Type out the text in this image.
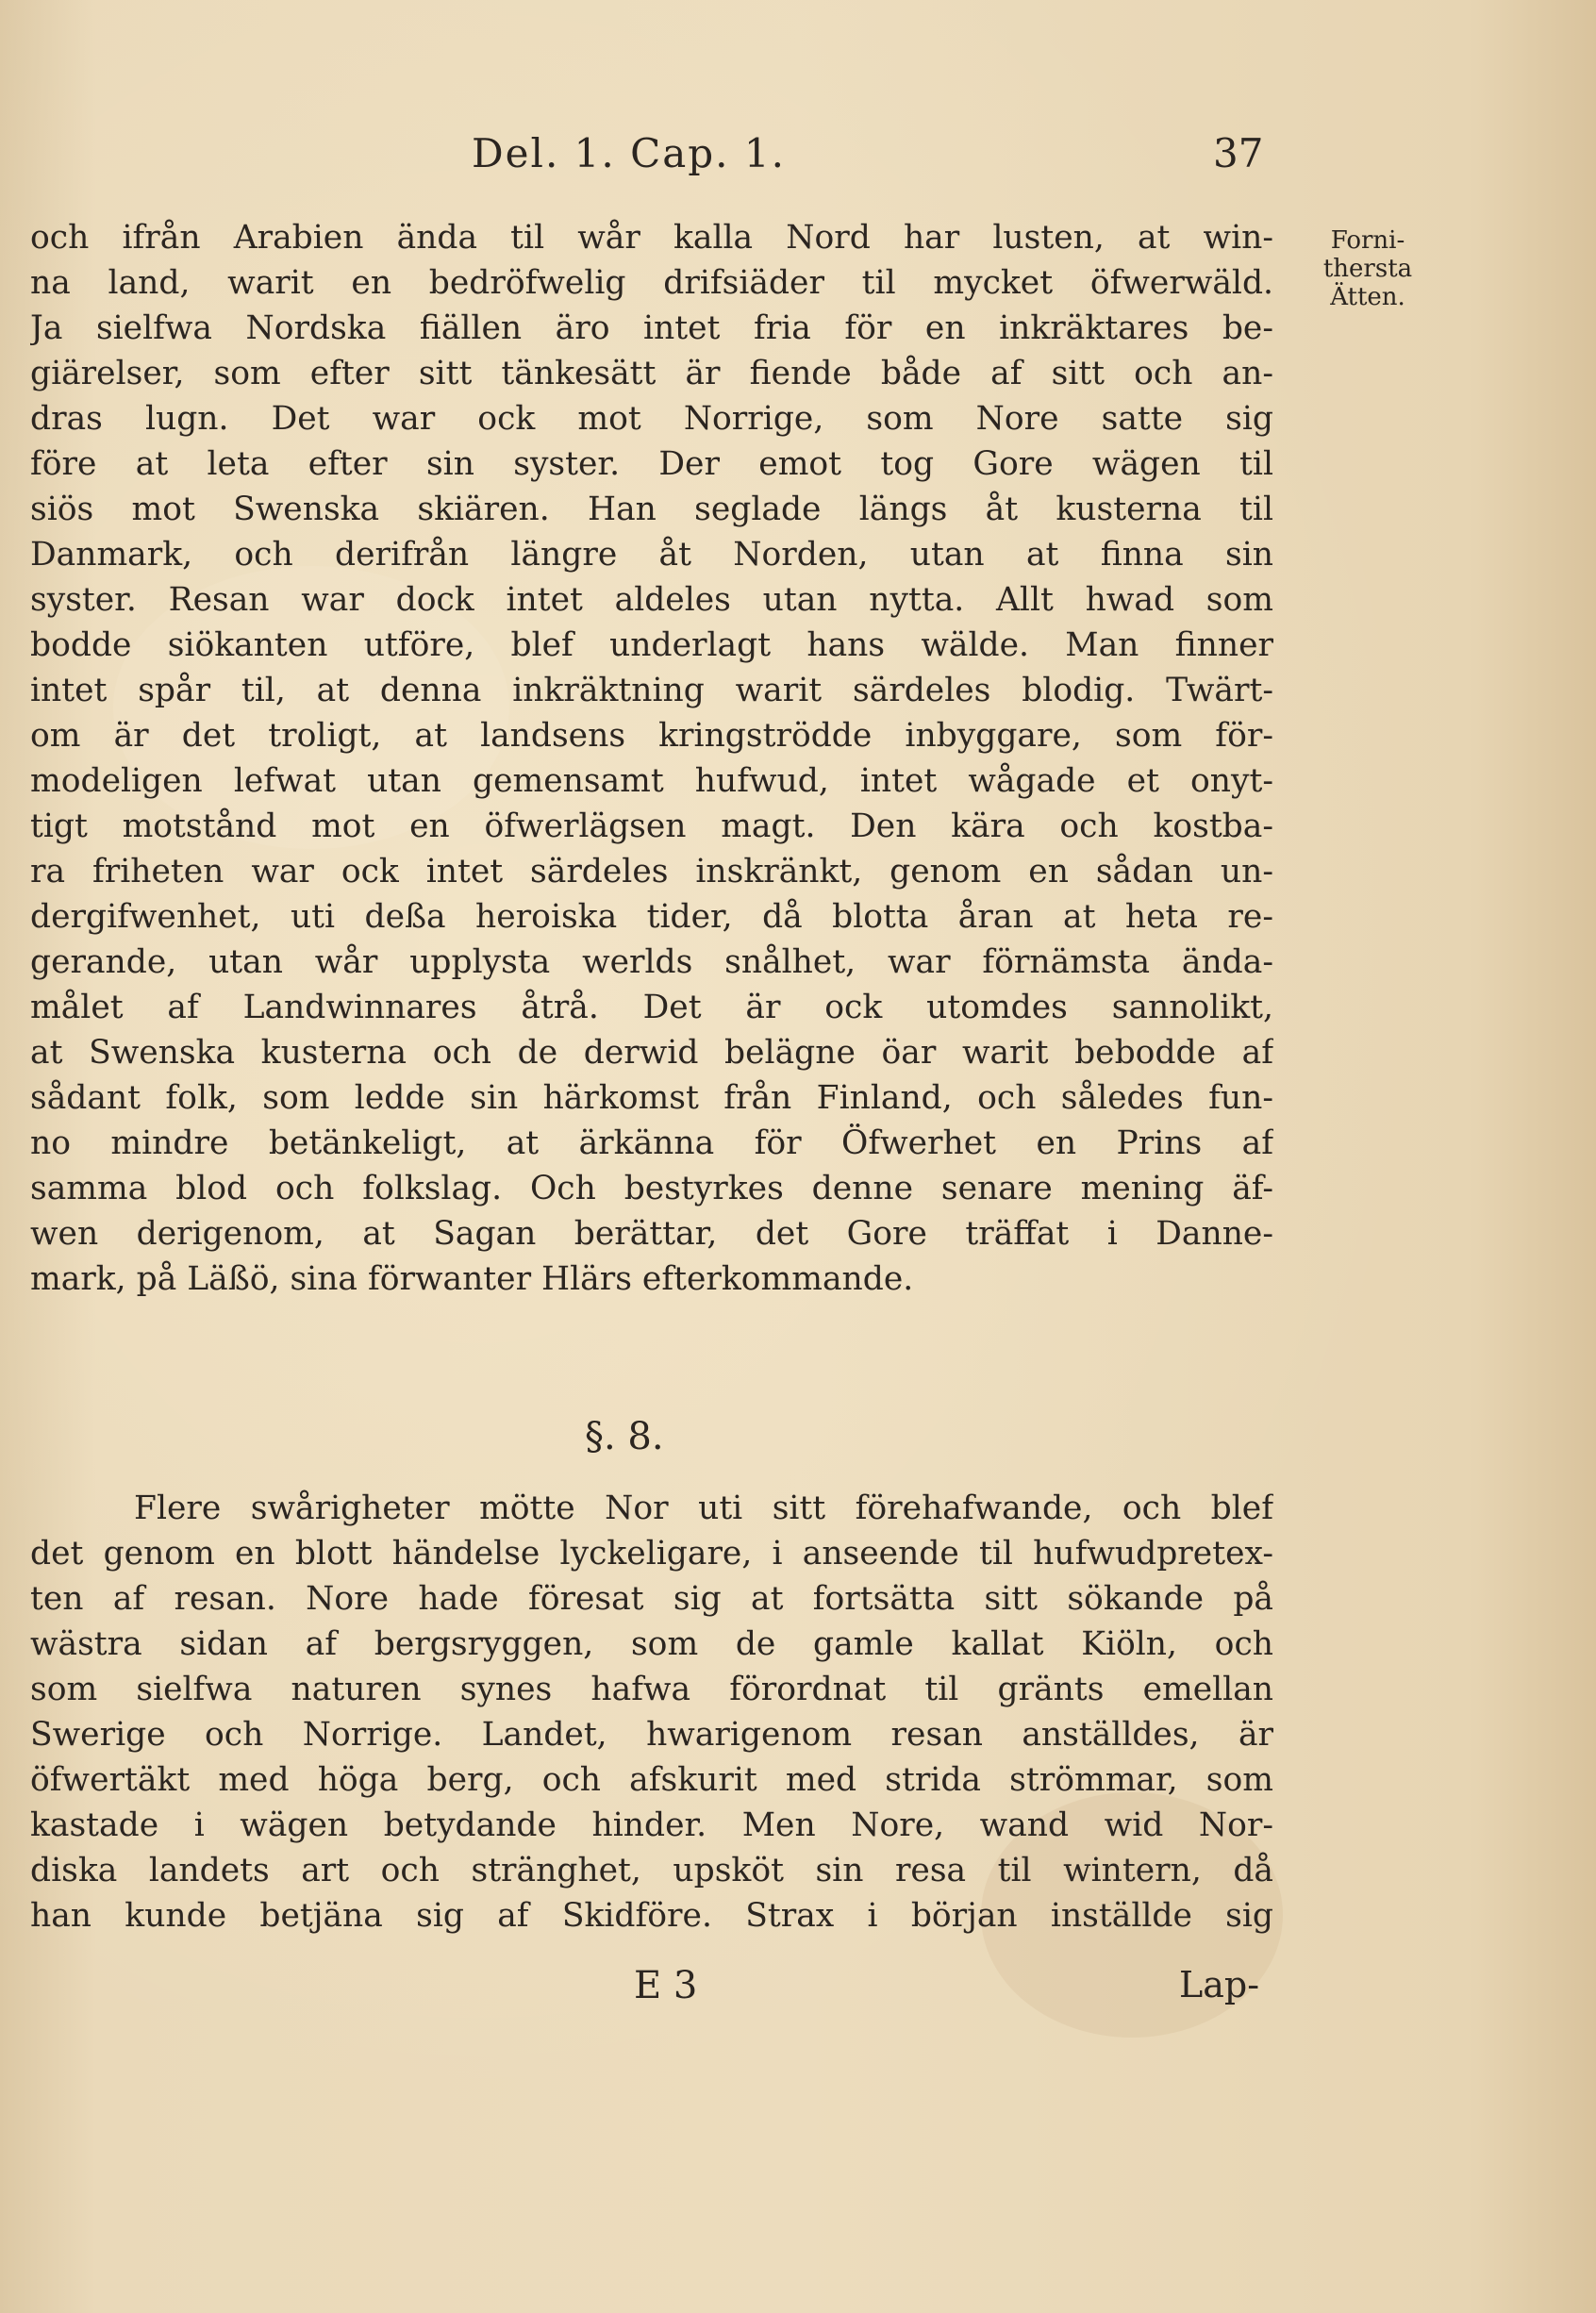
Del. 1. Cap. 1.	37
Forni-
thersta
Ätten.
och ifrån Arabien ända til wår kalla Nord har lusten, at win-
na land, warit en bedröfwelig drifsiäder til mycket öfwerwäld.
Ja sielfwa Nordska fiällen äro intet fria för en inkräktares be-
giärelser, som efter sitt tänkesätt är fiende både af sitt och an-
dras lugn. Det war ock mot Norrige, som Nore satte sig
före at leta efter sin syster. Der emot tog Gore wägen til
siös mot Swenska skiären. Han seglade längs åt kusterna til
Danmark, och derifrån längre åt Norden, utan at finna sin
syster. Resan war dock intet aldeles utan nytta. Allt hwad som
bodde siökanten utföre, blef underlagt hans wälde. Man finner
intet spår til, at denna inkräktning warit särdeles blodig. Twärt-
om är det troligt, at landsens kringströdde inbyggare, som för-
modeligen lefwat utan gemensamt hufwud, intet wågade et onyt-
tigt motstånd mot en öfwerlägsen magt. Den kära och kostba-
ra friheten war ock intet särdeles inskränkt, genom en sådan un-
dergifwenhet, uti deßa heroiska tider, då blotta åran at heta re-
gerande, utan wår upplysta werlds snålhet, war förnämsta ända-
målet af Landwinnares åtrå. Det är ock utomdes sannolikt,
at Swenska kusterna och de derwid belägne öar warit bebodde af
sådant folk, som ledde sin härkomst från Finland, och således fun-
no mindre betänkeligt, at ärkänna för Öfwerhet en Prins af
samma blod och folkslag. Och bestyrkes denne senare mening äf-
wen derigenom, at Sagan berättar, det Gore träffat i Danne-
mark, på Läßö, sina förwanter Hlärs efterkommande.
§. 8.
Flere swårigheter mötte Nor uti sitt förehafwande, och blef
det genom en blott händelse lyckeligare, i anseende til hufwudpretex-
ten af resan. Nore hade föresat sig at fortsätta sitt sökande på
wästra sidan af bergsryggen, som de gamle kallat Kiöln, och
som sielfwa naturen synes hafwa förordnat til gränts emellan
Swerige och Norrige. Landet, hwarigenom resan anställdes, är
öfwertäkt med höga berg, och afskurit med strida strömmar, som
kastade i wägen betydande hinder. Men Nore, wand wid Nor-
diska landets art och stränghet, upsköt sin resa til wintern, då
han kunde betjäna sig af Skidföre. Strax i början inställde sig
E 3	Lap-
